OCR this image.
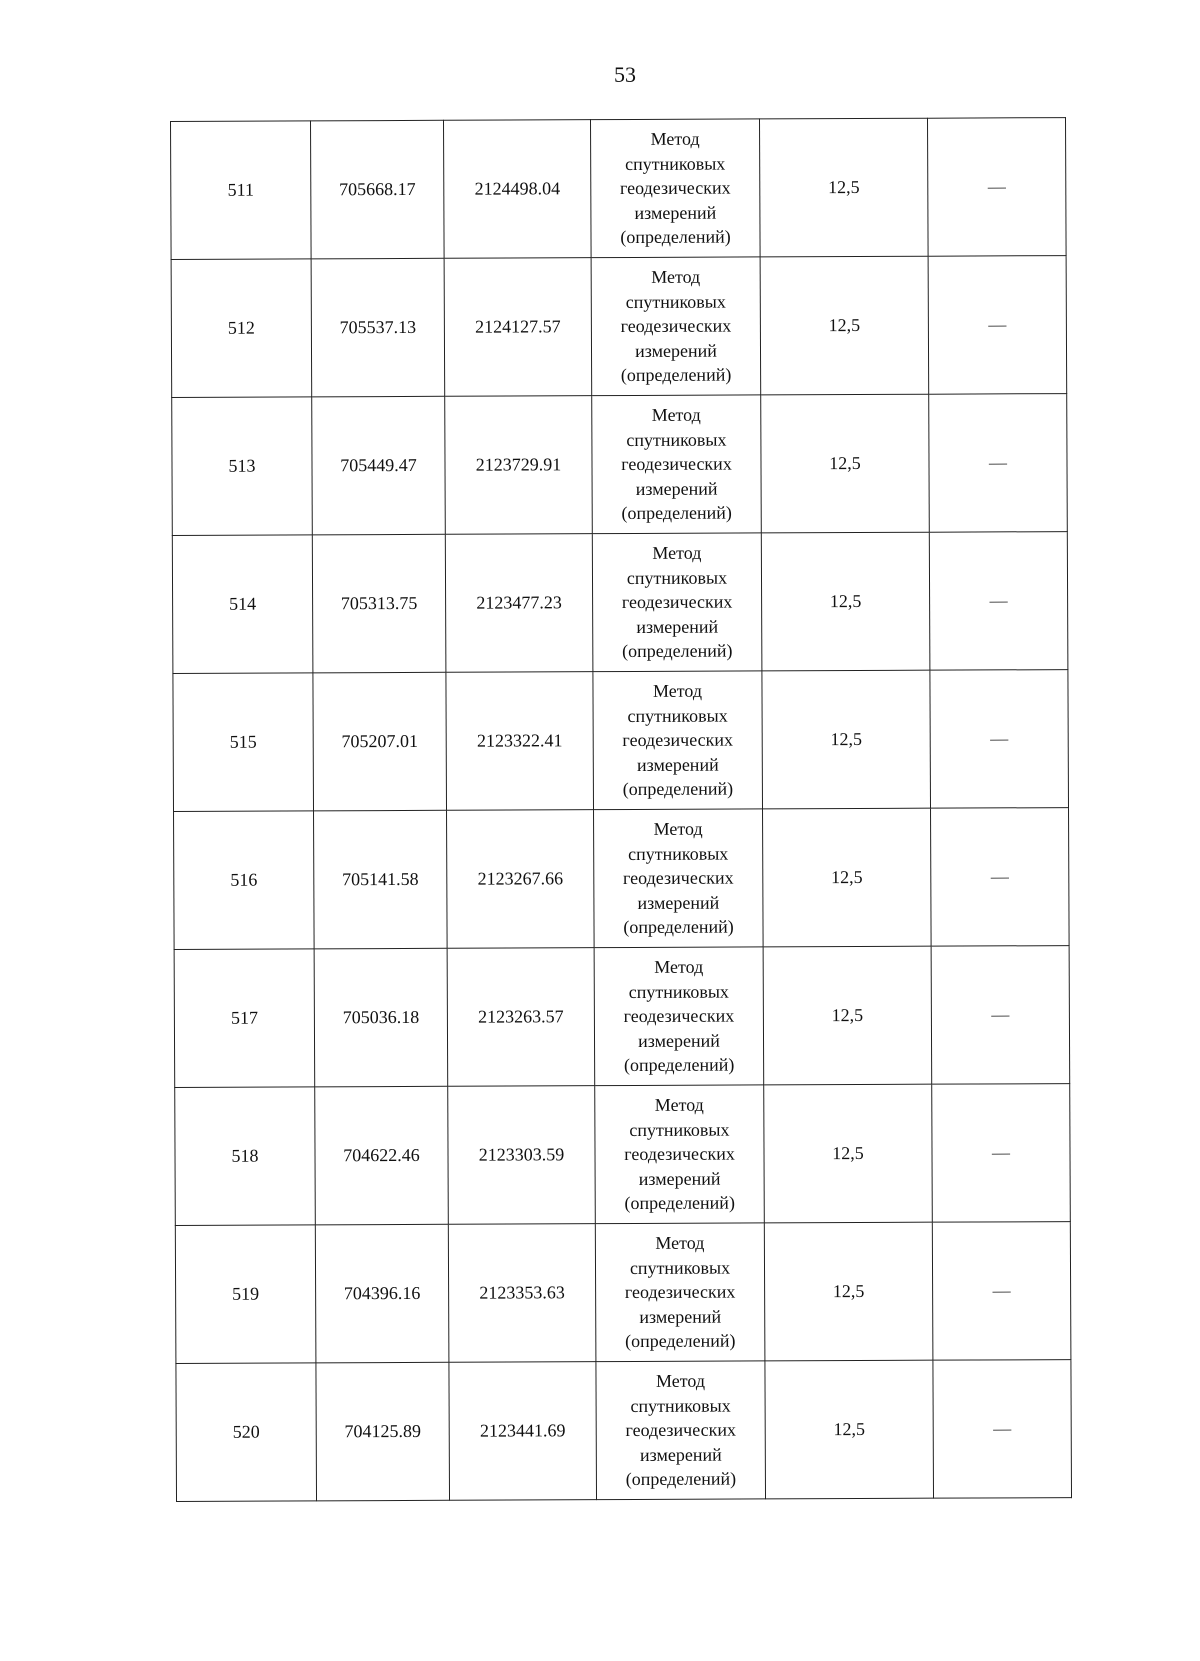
53
511	705668.17	2124498.04	Метод
спутниковых
геодезических
измерений
(определений)	12,5	—
512	705537.13	2124127.57	Метод
спутниковых
геодезических
измерений
(определений)	12,5	—
513	705449.47	2123729.91	Метод
спутниковых
геодезических
измерений
(определений)	12,5	—
514	705313.75	2123477.23	Метод
спутниковых
геодезических
измерений
(определений)	12,5	—
515	705207.01	2123322.41	Метод
спутниковых
геодезических
измерений
(определений)	12,5	—
516	705141.58	2123267.66	Метод
спутниковых
геодезических
измерений
(определений)	12,5	—
517	705036.18	2123263.57	Метод
спутниковых
геодезических
измерений
(определений)	12,5	—
518	704622.46	2123303.59	Метод
спутниковых
геодезических
измерений
(определений)	12,5	—
519	704396.16	2123353.63	Метод
спутниковых
геодезических
измерений
(определений)	12,5	—
520	704125.89	2123441.69	Метод
спутниковых
геодезических
измерений
(определений)	12,5	—
